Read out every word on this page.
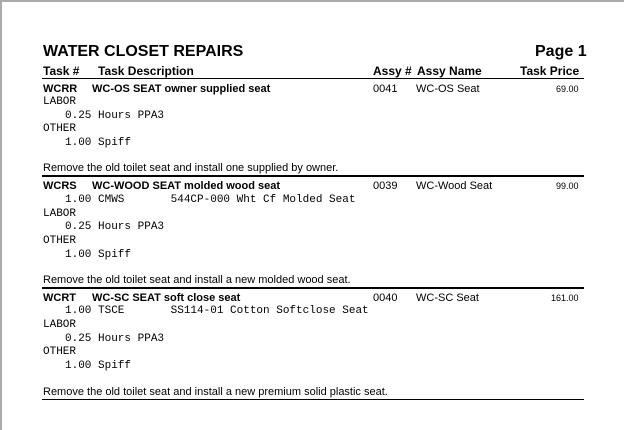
WATER CLOSET REPAIRS	Page 1
Task # Task Description	Assy # Assy Name	Task Price
WCRR WC-OS SEAT owner supplied seat	0041 WC-OS Seat	69.00
LABOR
0.25 Hours PPA3
OTHER
1.00 Spiff
Remove the old toilet seat and install one supplied by owner.
WCRS WC-WOOD SEAT molded wood seat	0039 WC-Wood Seat	99.00
1.00 CMWS       544CP-000 Wht Cf Molded Seat
LABOR
0.25 Hours PPA3
OTHER
1.00 Spiff
Remove the old toilet seat and install a new molded wood seat.
WCRT WC-SC SEAT soft close seat	0040 WC-SC Seat	161.00
1.00 TSCE       SS114-01 Cotton Softclose Seat
LABOR
0.25 Hours PPA3
OTHER
1.00 Spiff
Remove the old toilet seat and install a new premium solid plastic seat.
